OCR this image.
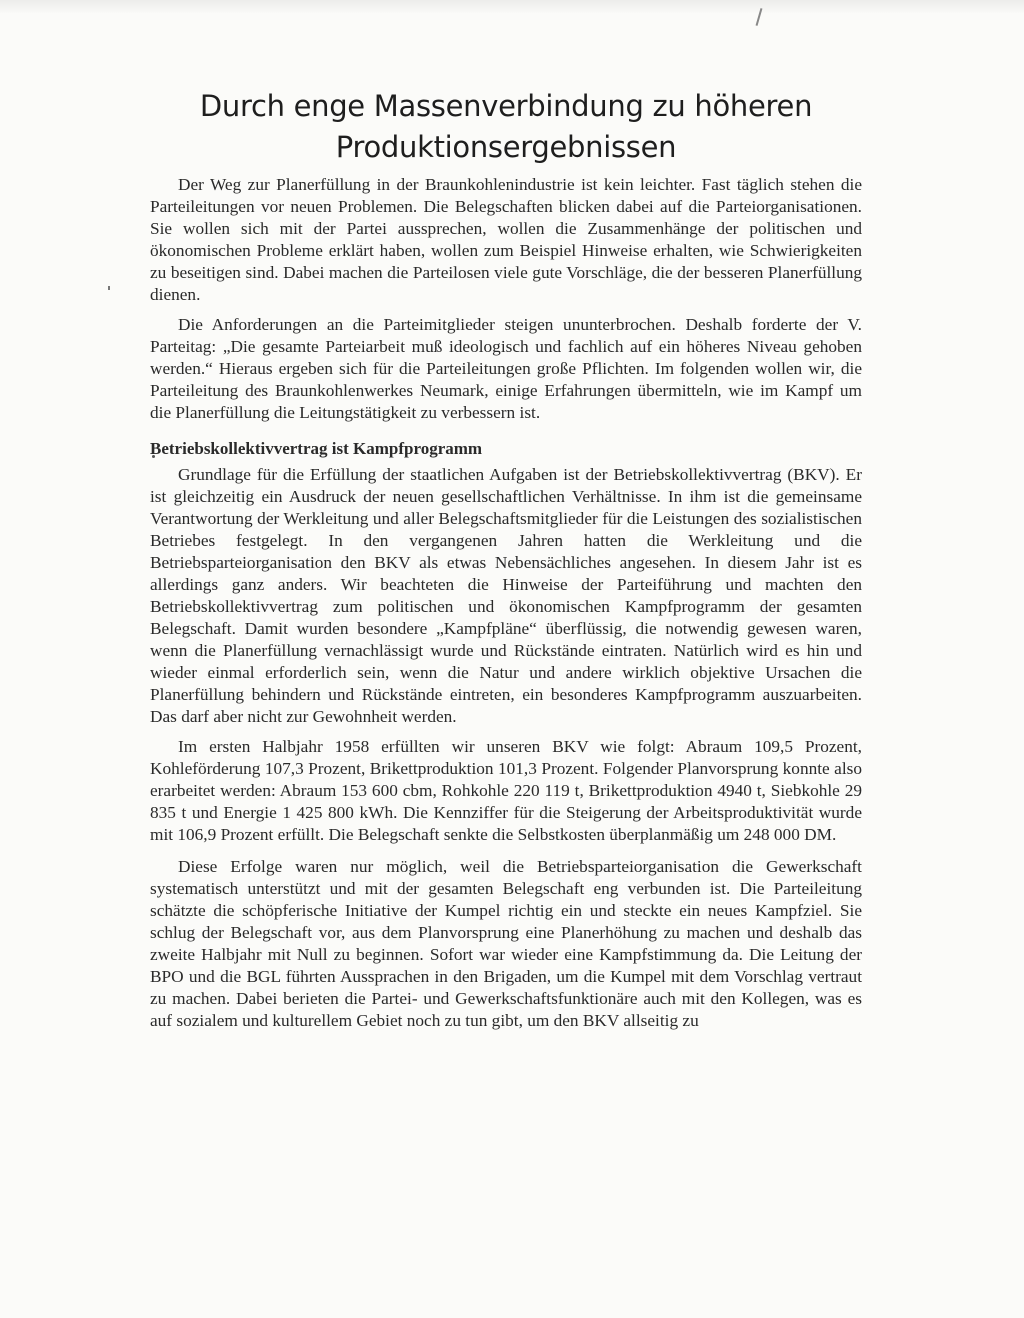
Durch enge Massenverbindung zu höheren
Produktionsergebnissen

Der Weg zur Planerfüllung in der Braunkohlenindustrie ist kein leichter. Fast täglich stehen die Parteileitungen vor neuen Problemen. Die Belegschaften blicken dabei auf die Parteiorganisationen. Sie wollen sich mit der Partei aussprechen, wollen die Zusammenhänge der politischen und ökonomischen Probleme erklärt haben, wollen zum Beispiel Hinweise erhalten, wie Schwierigkeiten zu beseitigen sind. Dabei machen die Parteilosen viele gute Vorschläge, die der besseren Planerfüllung dienen.

Die Anforderungen an die Parteimitglieder steigen ununterbrochen. Deshalb forderte der V. Parteitag: „Die gesamte Parteiarbeit muß ideologisch und fachlich auf ein höheres Niveau gehoben werden.“ Hieraus ergeben sich für die Parteileitungen große Pflichten. Im folgenden wollen wir, die Parteileitung des Braunkohlenwerkes Neumark, einige Erfahrungen übermitteln, wie im Kampf um die Planerfüllung die Leitungstätigkeit zu verbessern ist.

Betriebskollektivvertrag ist Kampfprogramm

Grundlage für die Erfüllung der staatlichen Aufgaben ist der Betriebskollektivvertrag (BKV). Er ist gleichzeitig ein Ausdruck der neuen gesellschaftlichen Verhältnisse. In ihm ist die gemeinsame Verantwortung der Werkleitung und aller Belegschaftsmitglieder für die Leistungen des sozialistischen Betriebes festgelegt. In den vergangenen Jahren hatten die Werkleitung und die Betriebsparteiorganisation den BKV als etwas Nebensächliches angesehen. In diesem Jahr ist es allerdings ganz anders. Wir beachteten die Hinweise der Parteiführung und machten den Betriebskollektivvertrag zum politischen und ökonomischen Kampfprogramm der gesamten Belegschaft. Damit wurden besondere „Kampfpläne“ überflüssig, die notwendig gewesen waren, wenn die Planerfüllung vernachlässigt wurde und Rückstände eintraten. Natürlich wird es hin und wieder einmal erforderlich sein, wenn die Natur und andere wirklich objektive Ursachen die Planerfüllung behindern und Rückstände eintreten, ein besonderes Kampfprogramm auszuarbeiten. Das darf aber nicht zur Gewohnheit werden.

Im ersten Halbjahr 1958 erfüllten wir unseren BKV wie folgt: Abraum 109,5 Prozent, Kohleförderung 107,3 Prozent, Brikettproduktion 101,3 Prozent. Folgender Planvorsprung konnte also erarbeitet werden: Abraum 153 600 cbm, Rohkohle 220 119 t, Brikettproduktion 4940 t, Siebkohle 29 835 t und Energie 1 425 800 kWh. Die Kennziffer für die Steigerung der Arbeitsproduktivität wurde mit 106,9 Prozent erfüllt. Die Belegschaft senkte die Selbstkosten überplanmäßig um 248 000 DM.

Diese Erfolge waren nur möglich, weil die Betriebsparteiorganisation die Gewerkschaft systematisch unterstützt und mit der gesamten Belegschaft eng verbunden ist. Die Parteileitung schätzte die schöpferische Initiative der Kumpel richtig ein und steckte ein neues Kampfziel. Sie schlug der Belegschaft vor, aus dem Planvorsprung eine Planerhöhung zu machen und deshalb das zweite Halbjahr mit Null zu beginnen. Sofort war wieder eine Kampfstimmung da. Die Leitung der BPO und die BGL führten Aussprachen in den Brigaden, um die Kumpel mit dem Vorschlag vertraut zu machen. Dabei berieten die Partei- und Gewerkschaftsfunktionäre auch mit den Kollegen, was es auf sozialem und kulturellem Gebiet noch zu tun gibt, um den BKV allseitig zu
